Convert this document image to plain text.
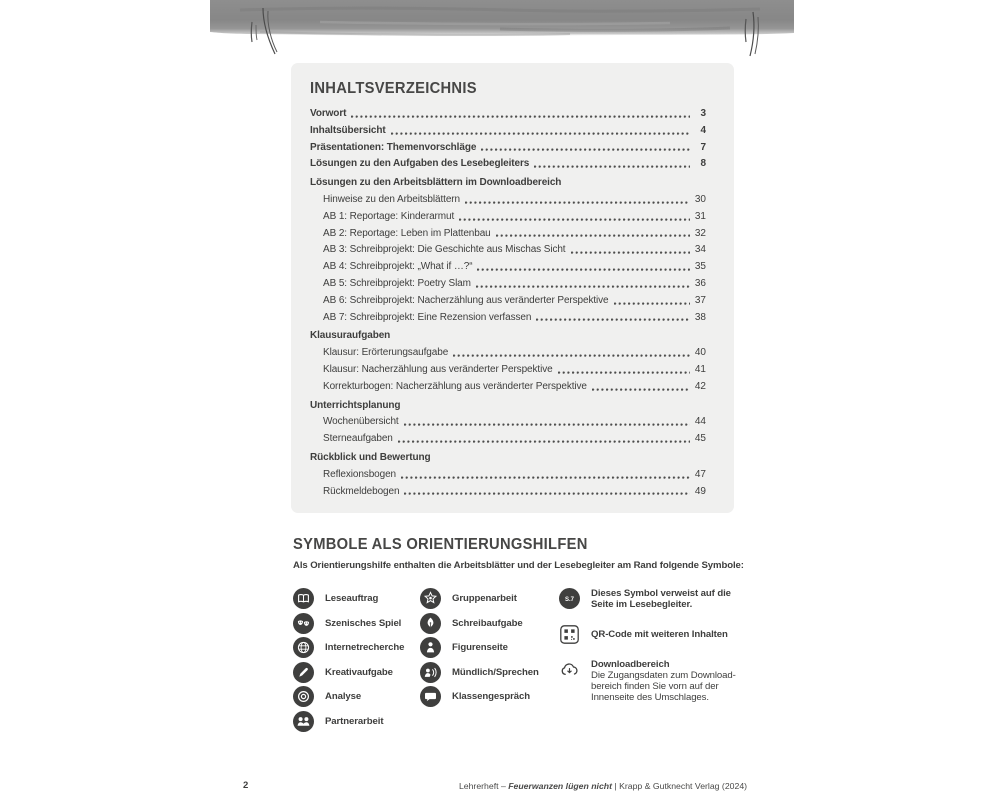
INHALTSVERZEICHNIS
Vorwort	3
Inhaltsübersicht	4
Präsentationen: Themenvorschläge	7
Lösungen zu den Aufgaben des Lesebegleiters	8
Lösungen zu den Arbeitsblättern im Downloadbereich
Hinweise zu den Arbeitsblättern	30
AB 1: Reportage: Kinderarmut	31
AB 2: Reportage: Leben im Plattenbau	32
AB 3: Schreibprojekt: Die Geschichte aus Mischas Sicht	34
AB 4: Schreibprojekt: „What if …?“	35
AB 5: Schreibprojekt: Poetry Slam	36
AB 6: Schreibprojekt: Nacherzählung aus veränderter Perspektive	37
AB 7: Schreibprojekt: Eine Rezension verfassen	38
Klausuraufgaben
Klausur: Erörterungsaufgabe	40
Klausur: Nacherzählung aus veränderter Perspektive	41
Korrekturbogen: Nacherzählung aus veränderter Perspektive	42
Unterrichtsplanung
Wochenübersicht	44
Sterneaufgaben	45
Rückblick und Bewertung
Reflexionsbogen	47
Rückmeldebogen	49
SYMBOLE ALS ORIENTIERUNGSHILFEN
Als Orientierungshilfe enthalten die Arbeitsblätter und der Lesebegleiter am Rand folgende Symbole:
Leseauftrag
Szenisches Spiel
Internetrecherche
Kreativaufgabe
Analyse
Partnerarbeit
Gruppenarbeit
Schreibaufgabe
Figurenseite
Mündlich/Sprechen
Klassengespräch
S.7
Dieses Symbol verweist auf die
Seite im Lesebegleiter.
QR-Code mit weiteren Inhalten
Downloadbereich
Die Zugangsdaten zum Download-
bereich finden Sie vorn auf der
Innenseite des Umschlages.
2	Lehrerheft – Feuerwanzen lügen nicht | Krapp & Gutknecht Verlag (2024)
